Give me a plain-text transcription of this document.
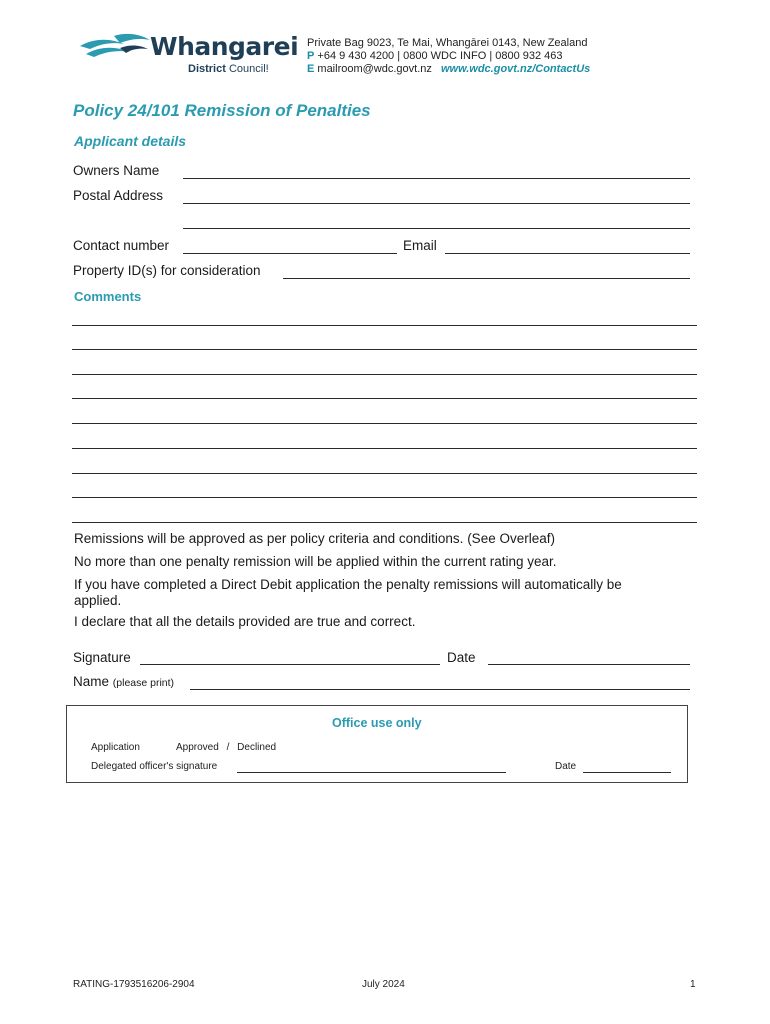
Whangarei
District Council!
Private Bag 9023, Te Mai, Whangārei 0143, New Zealand
P +64 9 430 4200 | 0800 WDC INFO | 0800 932 463
E mailroom@wdc.govt.nz www.wdc.govt.nz/ContactUs
Policy 24/101 Remission of Penalties
Applicant details
Owners Name
Postal Address
Contact number	Email
Property ID(s) for consideration
Comments
Remissions will be approved as per policy criteria and conditions. (See Overleaf)
No more than one penalty remission will be applied within the current rating year.
If you have completed a Direct Debit application the penalty remissions will automatically be applied.
I declare that all the details provided are true and correct.
Signature	Date
Name (please print)
Office use only
Application	Approved / Declined
Delegated officer's signature	Date
RATING-1793516206-2904	July 2024	1
